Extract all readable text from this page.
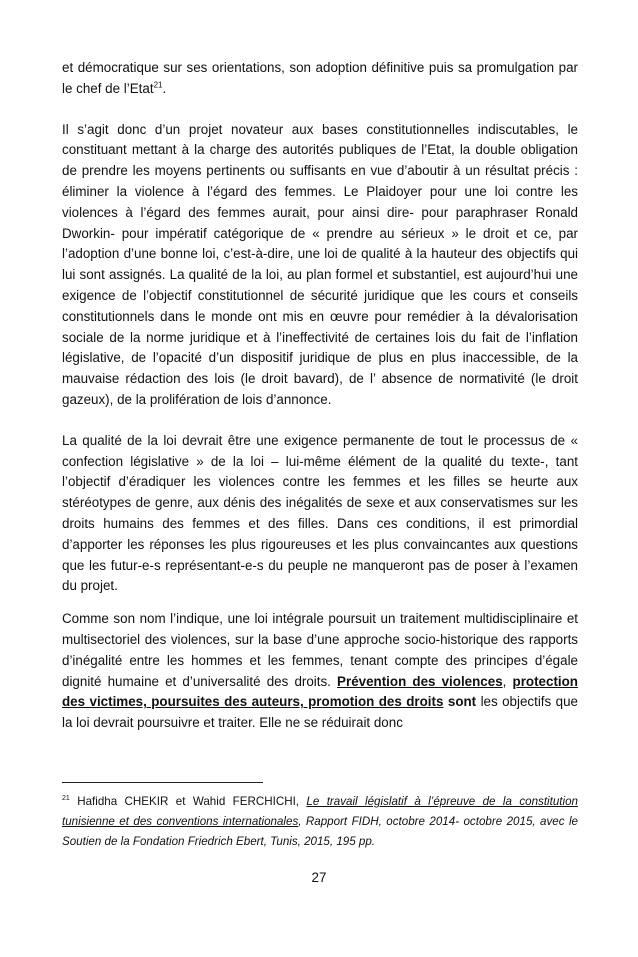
et démocratique sur ses orientations, son adoption définitive puis sa promulgation par le chef de l’Etat$^{21}$.

Il s’agit donc d’un projet novateur aux bases constitutionnelles indiscutables, le constituant mettant à la charge des autorités publiques de l’Etat, la double obligation de prendre les moyens pertinents ou suffisants en vue d’aboutir à un résultat précis : éliminer la violence à l’égard des femmes. Le Plaidoyer pour une loi contre les violences à l’égard des femmes aurait, pour ainsi dire- pour paraphraser Ronald Dworkin- pour impératif catégorique de « prendre au sérieux » le droit et ce, par l’adoption d’une bonne loi, c’est-à-dire, une loi de qualité à la hauteur des objectifs qui lui sont assignés. La qualité de la loi, au plan formel et substantiel, est aujourd’hui une exigence de l’objectif constitutionnel de sécurité juridique que les cours et conseils constitutionnels dans le monde ont mis en œuvre pour remédier à la dévalorisation sociale de la norme juridique et à l’ineffectivité de certaines lois du fait de l’inflation législative, de l’opacité d’un dispositif juridique de plus en plus inaccessible, de la mauvaise rédaction des lois (le droit bavard), de l’ absence de normativité (le droit gazeux), de la prolifération de lois d’annonce.

La qualité de la loi devrait être une exigence permanente de tout le processus de « confection législative » de la loi – lui-même élément de la qualité du texte-, tant l’objectif d’éradiquer les violences contre les femmes et les filles se heurte aux stéréotypes de genre, aux dénis des inégalités de sexe et aux conservatismes sur les droits humains des femmes et des filles. Dans ces conditions, il est primordial d’apporter les réponses les plus rigoureuses et les plus convaincantes aux questions que les futur-e-s représentant-e-s du peuple ne manqueront pas de poser à l’examen du projet.

Comme son nom l’indique, une loi intégrale poursuit un traitement multidisciplinaire et multisectoriel des violences, sur la base d’une approche socio-historique des rapports d’inégalité entre les hommes et les femmes, tenant compte des principes d’égale dignité humaine et d’universalité des droits. Prévention des violences, protection des victimes, poursuites des auteurs, promotion des droits sont les objectifs que la loi devrait poursuivre et traiter. Elle ne se réduirait donc

$^{21}$ Hafidha CHEKIR et Wahid FERCHICHI, Le travail législatif à l’épreuve de la constitution tunisienne et des conventions internationales, Rapport FIDH, octobre 2014- octobre 2015, avec le Soutien de la Fondation Friedrich Ebert, Tunis, 2015, 195 pp.

27
